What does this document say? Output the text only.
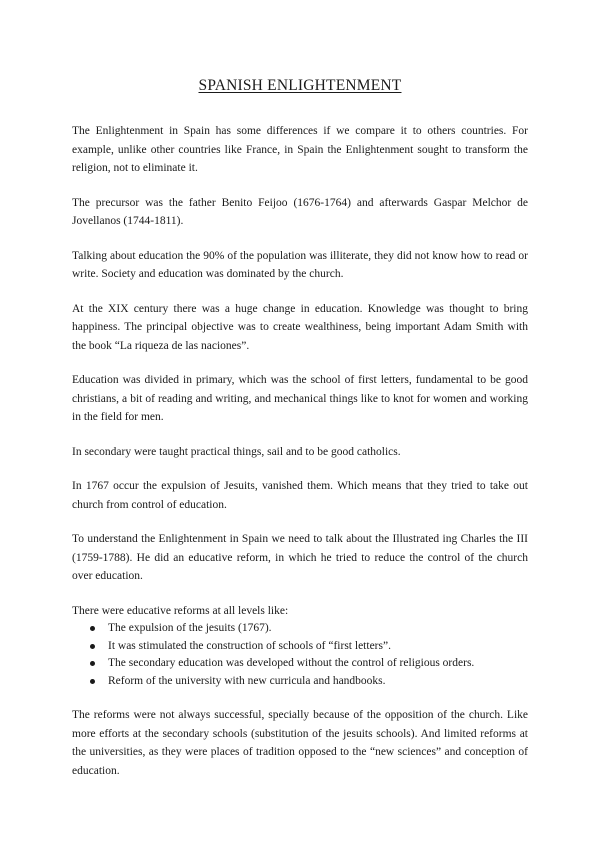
SPANISH ENLIGHTENMENT

The Enlightenment in Spain has some differences if we compare it to others countries. For example, unlike other countries like France, in Spain the Enlightenment sought to transform the religion, not to eliminate it.

The precursor was the father Benito Feijoo (1676-1764) and afterwards Gaspar Melchor de Jovellanos (1744-1811).

Talking about education the 90% of the population was illiterate, they did not know how to read or write. Society and education was dominated by the church.

At the XIX century there was a huge change in education. Knowledge was thought to bring happiness. The principal objective was to create wealthiness, being important Adam Smith with the book “La riqueza de las naciones”.

Education was divided in primary, which was the school of first letters, fundamental to be good christians, a bit of reading and writing, and mechanical things like to knot for women and working in the field for men.

In secondary were taught practical things, sail and to be good catholics.

In 1767 occur the expulsion of Jesuits, vanished them. Which means that they tried to take out church from control of education.

To understand the Enlightenment in Spain we need to talk about the Illustrated ing Charles the III (1759-1788). He did an educative reform, in which he tried to reduce the control of the church over education.

There were educative reforms at all levels like:

The expulsion of the jesuits (1767).
It was stimulated the construction of schools of “first letters”.
The secondary education was developed without the control of religious orders.
Reform of the university with new curricula and handbooks.

The reforms were not always successful, specially because of the opposition of the church. Like more efforts at the secondary schools (substitution of the jesuits schools). And limited reforms at the universities, as they were places of tradition opposed to the “new sciences” and conception of education.
